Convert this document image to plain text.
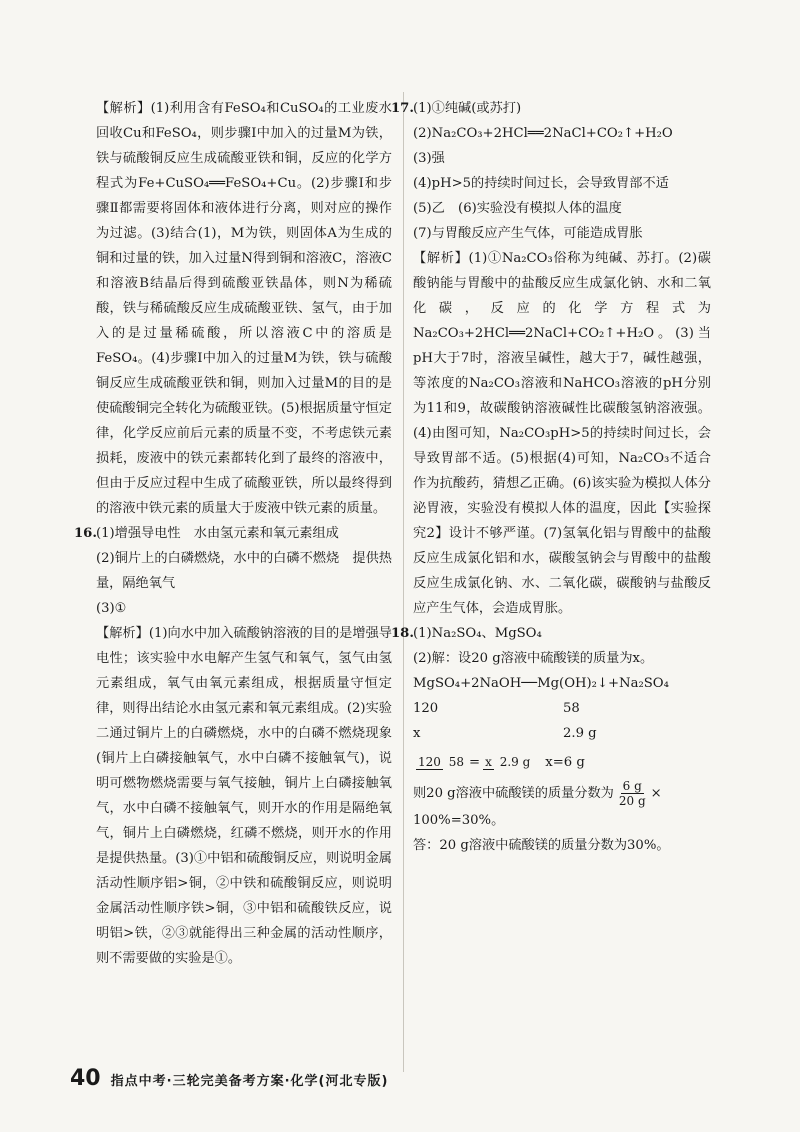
【解析】(1)利用含有FeSO₄和CuSO₄的工业废水回收Cu和FeSO₄，则步骤Ⅰ中加入的过量M为铁，铁与硫酸铜反应生成硫酸亚铁和铜，反应的化学方程式为Fe+CuSO₄══FeSO₄+Cu。(2)步骤Ⅰ和步骤Ⅱ都需要将固体和液体进行分离，则对应的操作为过滤。(3)结合(1)，M为铁，则固体A为生成的铜和过量的铁，加入过量N得到铜和溶液C，溶液C和溶液B结晶后得到硫酸亚铁晶体，则N为稀硫酸，铁与稀硫酸反应生成硫酸亚铁、氢气，由于加入的是过量稀硫酸，所以溶液C中的溶质是FeSO₄。(4)步骤Ⅰ中加入的过量M为铁，铁与硫酸铜反应生成硫酸亚铁和铜，则加入过量M的目的是使硫酸铜完全转化为硫酸亚铁。(5)根据质量守恒定律，化学反应前后元素的质量不变，不考虑铁元素损耗，废液中的铁元素都转化到了最终的溶液中，但由于反应过程中生成了硫酸亚铁，所以最终得到的溶液中铁元素的质量大于废液中铁元素的质量。

16. (1)增强导电性　水由氢元素和氧元素组成

(2)铜片上的白磷燃烧，水中的白磷不燃烧　提供热量，隔绝氧气

(3)①

【解析】(1)向水中加入硫酸钠溶液的目的是增强导电性；该实验中水电解产生氢气和氧气，氢气由氢元素组成，氧气由氧元素组成，根据质量守恒定律，则得出结论水由氢元素和氧元素组成。(2)实验二通过铜片上的白磷燃烧，水中的白磷不燃烧现象(铜片上白磷接触氧气，水中白磷不接触氧气)，说明可燃物燃烧需要与氧气接触，铜片上白磷接触氧气，水中白磷不接触氧气，则开水的作用是隔绝氧气，铜片上白磷燃烧，红磷不燃烧，则开水的作用是提供热量。(3)①中铝和硫酸铜反应，则说明金属活动性顺序铝>铜，②中铁和硫酸铜反应，则说明金属活动性顺序铁>铜，③中铝和硫酸铁反应，说明铝>铁，②③就能得出三种金属的活动性顺序，则不需要做的实验是①。

17. (1)①纯碱(或苏打)

(2)Na₂CO₃+2HCl══2NaCl+CO₂↑+H₂O

(3)强

(4)pH>5的持续时间过长，会导致胃部不适

(5)乙　(6)实验没有模拟人体的温度

(7)与胃酸反应产生气体，可能造成胃胀

【解析】(1)①Na₂CO₃俗称为纯碱、苏打。(2)碳酸钠能与胃酸中的盐酸反应生成氯化钠、水和二氧化碳，反应的化学方程式为Na₂CO₃+2HCl══2NaCl+CO₂↑+H₂O。(3)当pH大于7时，溶液呈碱性，越大于7，碱性越强，等浓度的Na₂CO₃溶液和NaHCO₃溶液的pH分别为11和9，故碳酸钠溶液碱性比碳酸氢钠溶液强。(4)由图可知，Na₂CO₃pH>5的持续时间过长，会导致胃部不适。(5)根据(4)可知，Na₂CO₃不适合作为抗酸药，猜想乙正确。(6)该实验为模拟人体分泌胃液，实验没有模拟人体的温度，因此【实验探究2】设计不够严谨。(7)氢氧化铝与胃酸中的盐酸反应生成氯化铝和水，碳酸氢钠会与胃酸中的盐酸反应生成氯化钠、水、二氧化碳，碳酸钠与盐酸反应产生气体，会造成胃胀。

18. (1)Na₂SO₄、MgSO₄

(2)解：设20 g溶液中硫酸镁的质量为x。

MgSO₄+2NaOH──Mg(OH)₂↓+Na₂SO₄

120	58
x	2.9 g
120 58 = x 2.9 g x=6 g

则20 g溶液中硫酸镁的质量分数为 $\frac{6 g}{20 g}$ ×

100%=30%。

答：20 g溶液中硫酸镁的质量分数为30%。

40 指点中考·三轮完美备考方案·化学(河北专版)
